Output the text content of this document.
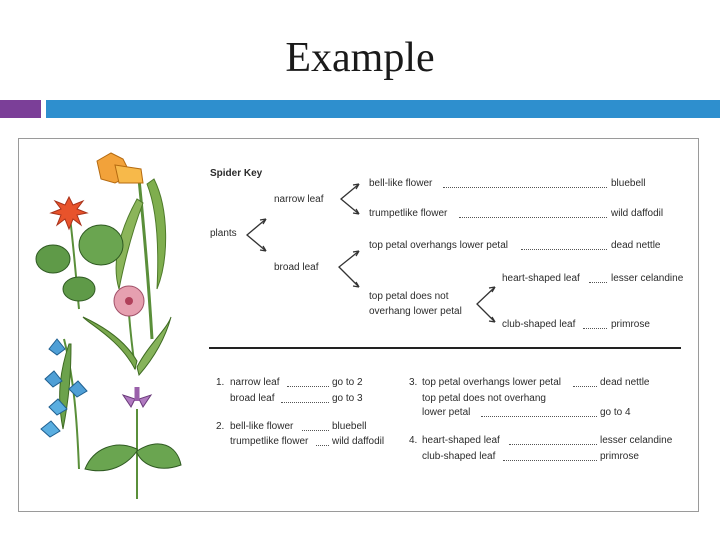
Example
Spider Key
plants
narrow leaf
broad leaf
bell-like flower	bluebell
trumpetlike flower	wild daffodil
top petal overhangs lower petal	dead nettle
heart-shaped leaf	lesser celandine
top petal does not
overhang lower petal
club-shaped leaf	primrose
1. narrow leaf	go to 2
broad leaf	go to 3
2. bell-like flower	bluebell
trumpetlike flower wild daffodil
3. top petal overhangs lower petal	dead nettle
top petal does not overhang
lower petal	go to 4
4. heart-shaped leaf	lesser celandine
club-shaped leaf	primrose
